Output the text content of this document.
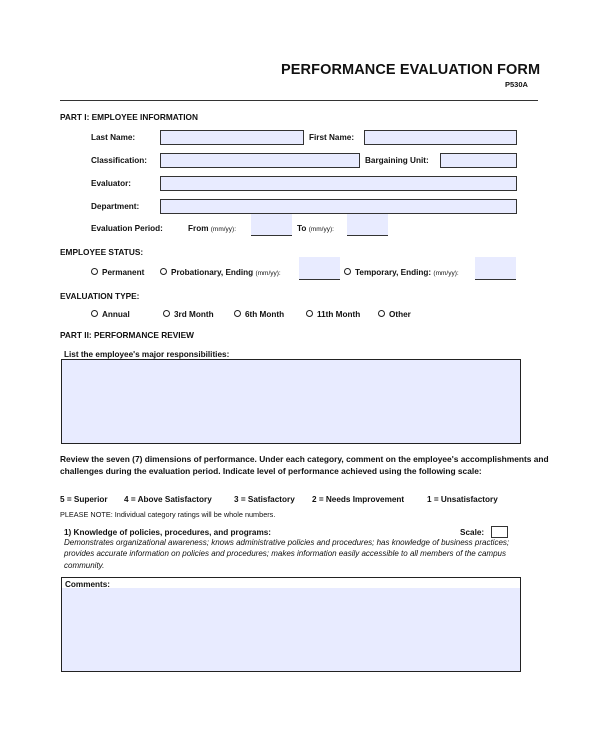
PERFORMANCE EVALUATION FORM
P530A
PART I: EMPLOYEE INFORMATION
Last Name:	First Name:
Classification:	Bargaining Unit:
Evaluator:
Department:
Evaluation Period:	From (mm/yy):	To (mm/yy):
EMPLOYEE STATUS:
Permanent	Probationary, Ending (mm/yy):	Temporary, Ending: (mm/yy):
EVALUATION TYPE:
Annual	3rd Month	6th Month	11th Month	Other
PART II: PERFORMANCE REVIEW
List the employee's major responsibilities:
Review the seven (7) dimensions of performance. Under each category, comment on the employee's accomplishments and challenges during the evaluation period. Indicate level of performance achieved using the following scale:
5 = Superior 4 = Above Satisfactory	3 = Satisfactory 2 = Needs Improvement	1 = Unsatisfactory
PLEASE NOTE: Individual category ratings will be whole numbers.
1) Knowledge of policies, procedures, and programs:	Scale:
Demonstrates organizational awareness; knows administrative policies and procedures; has knowledge of business practices; provides accurate information on policies and procedures; makes information easily accessible to all members of the campus community.
Comments:
